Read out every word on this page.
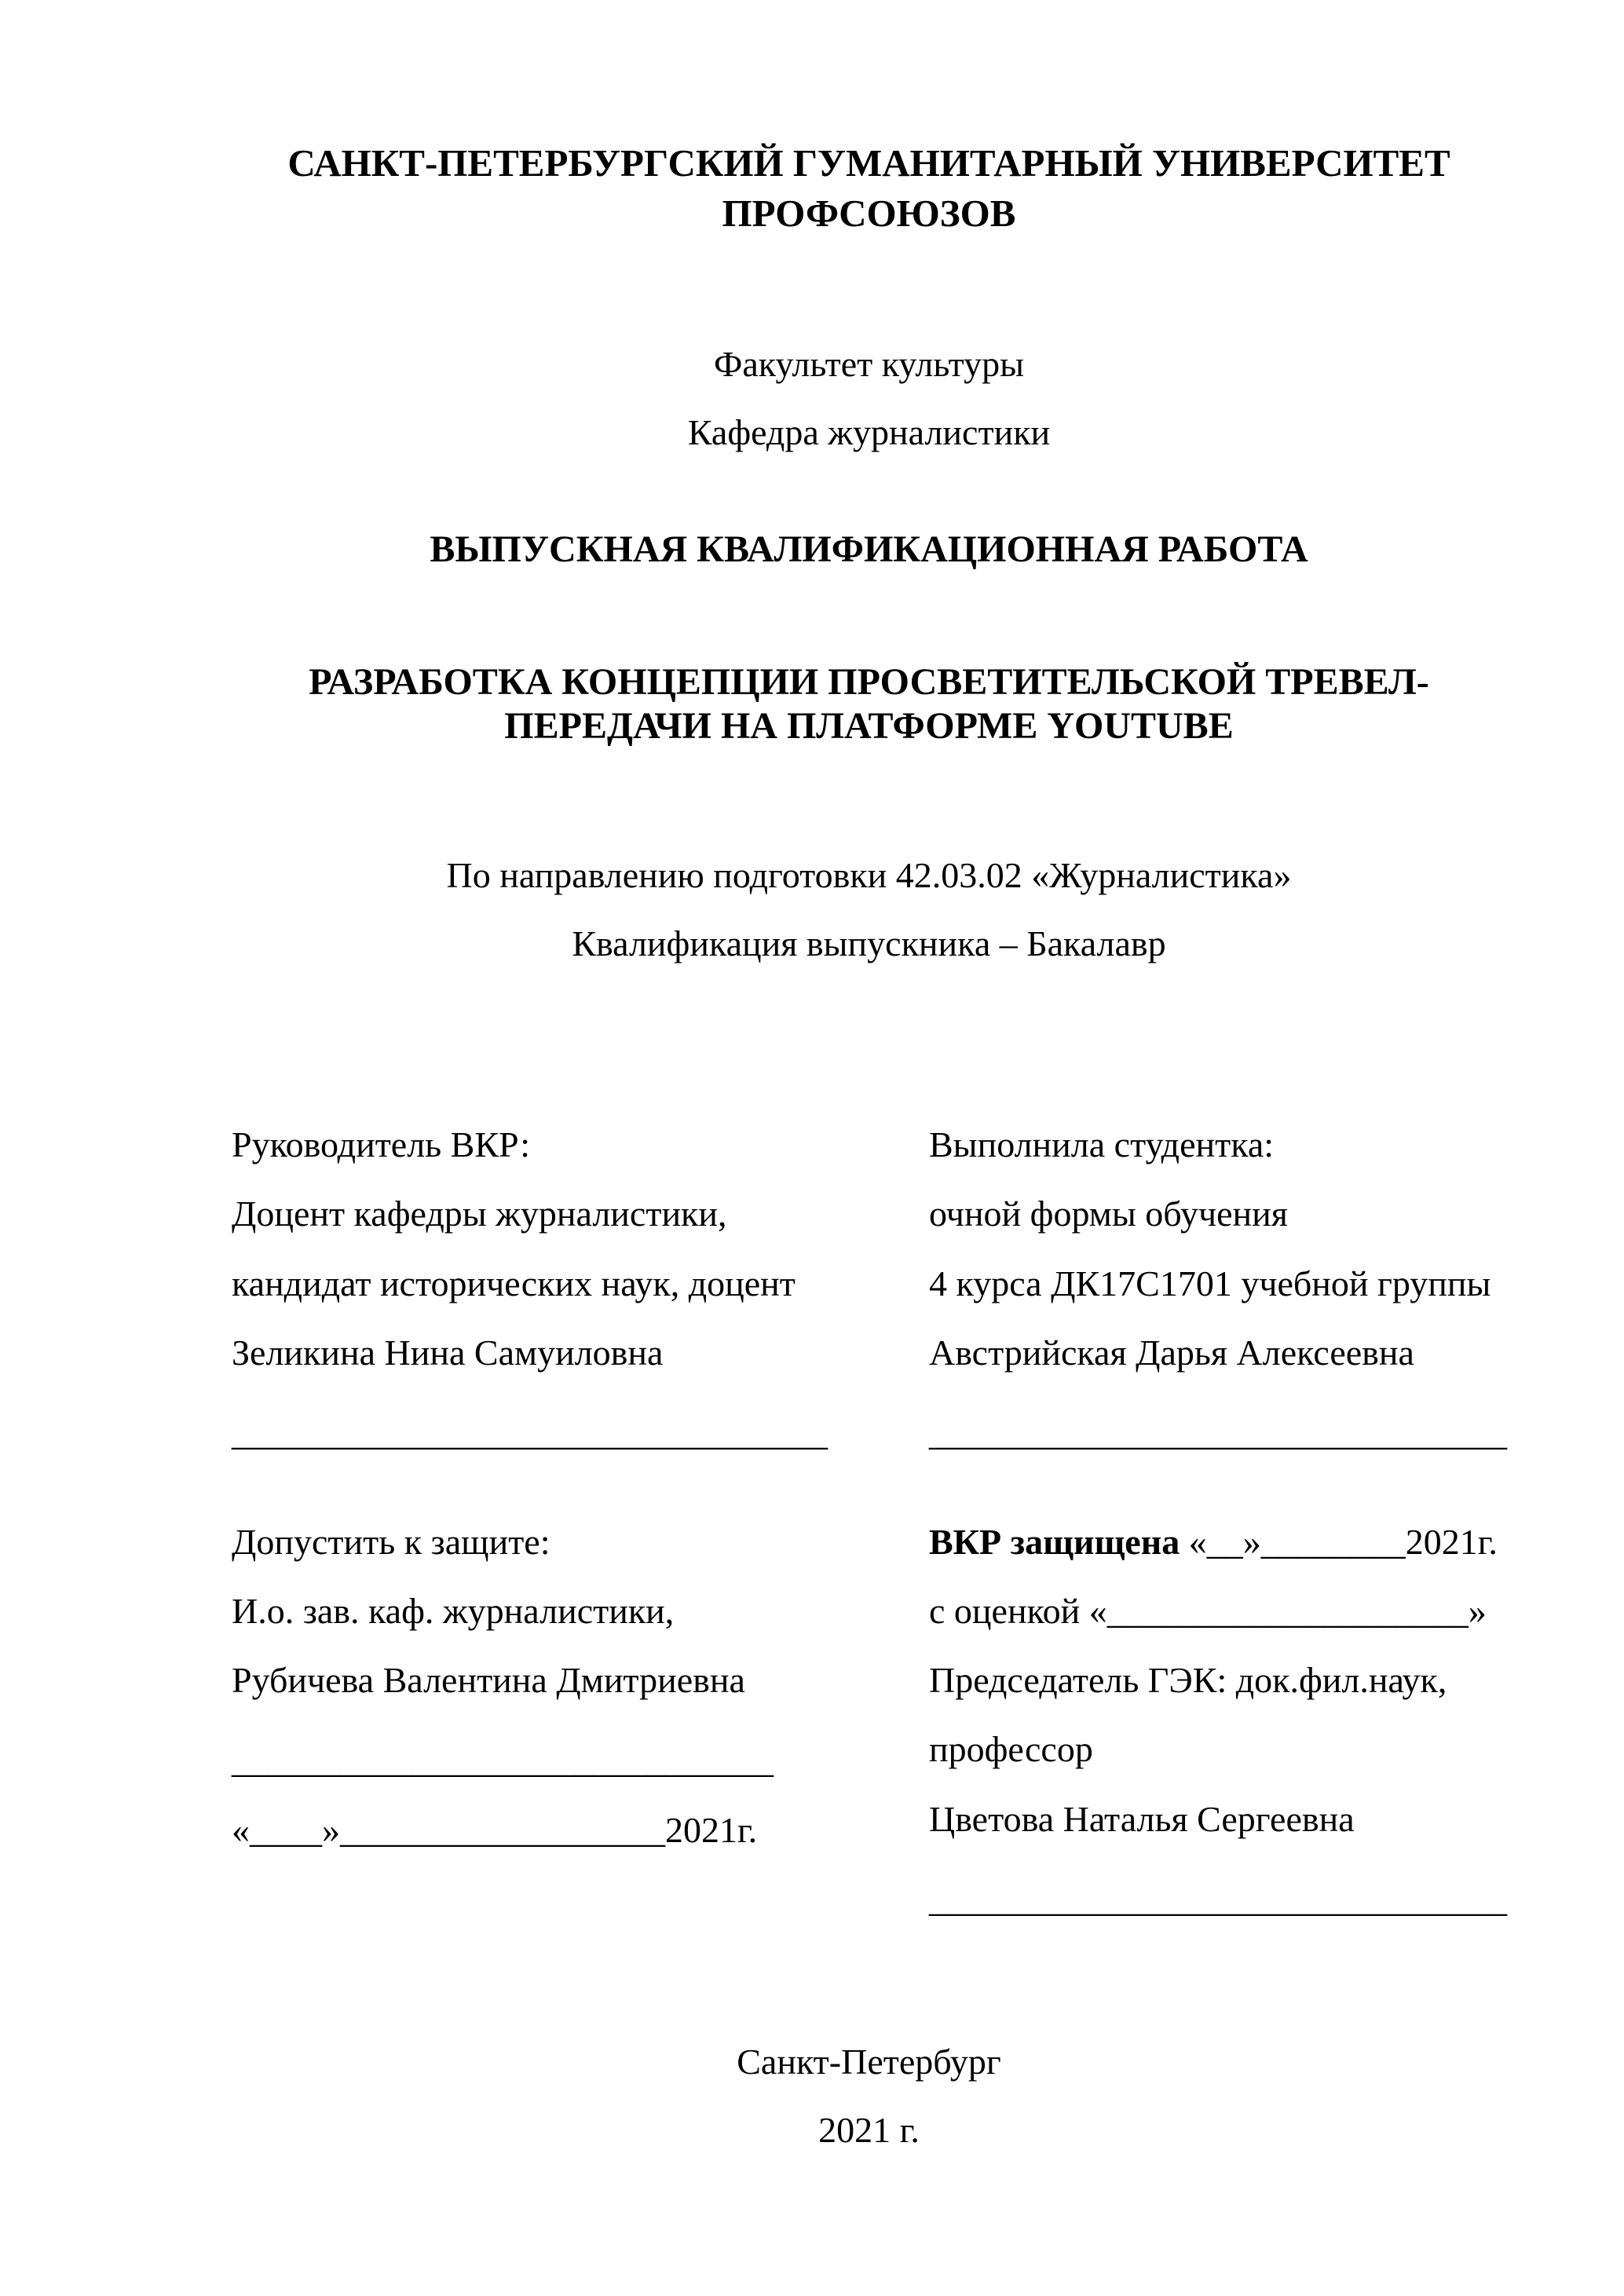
САНКТ-ПЕТЕРБУРГСКИЙ ГУМАНИТАРНЫЙ УНИВЕРСИТЕТ
ПРОФСОЮЗОВ
Факультет культуры
Кафедра журналистики
ВЫПУСКНАЯ КВАЛИФИКАЦИОННАЯ РАБОТА
РАЗРАБОТКА КОНЦЕПЦИИ ПРОСВЕТИТЕЛЬСКОЙ ТРЕВЕЛ-
ПЕРЕДАЧИ НА ПЛАТФОРМЕ YOUTUBE
По направлению подготовки 42.03.02 «Журналистика»
Квалификация выпускника – Бакалавр
Руководитель ВКР:
Доцент кафедры журналистики,
кандидат исторических наук, доцент
Зеликина Нина Самуиловна
_________________________________
Выполнила студентка:
очной формы обучения
4 курса ДК17С1701 учебной группы
Австрийская Дарья Алексеевна
________________________________
Допустить к защите:
И.о. зав. каф. журналистики,
Рубичева Валентина Дмитриевна
______________________________
«____»__________________2021г.
ВКР защищена «__»________2021г.
с оценкой «____________________»
Председатель ГЭК: док.фил.наук,
профессор
Цветова Наталья Сергеевна
________________________________
Санкт-Петербург
2021 г.
